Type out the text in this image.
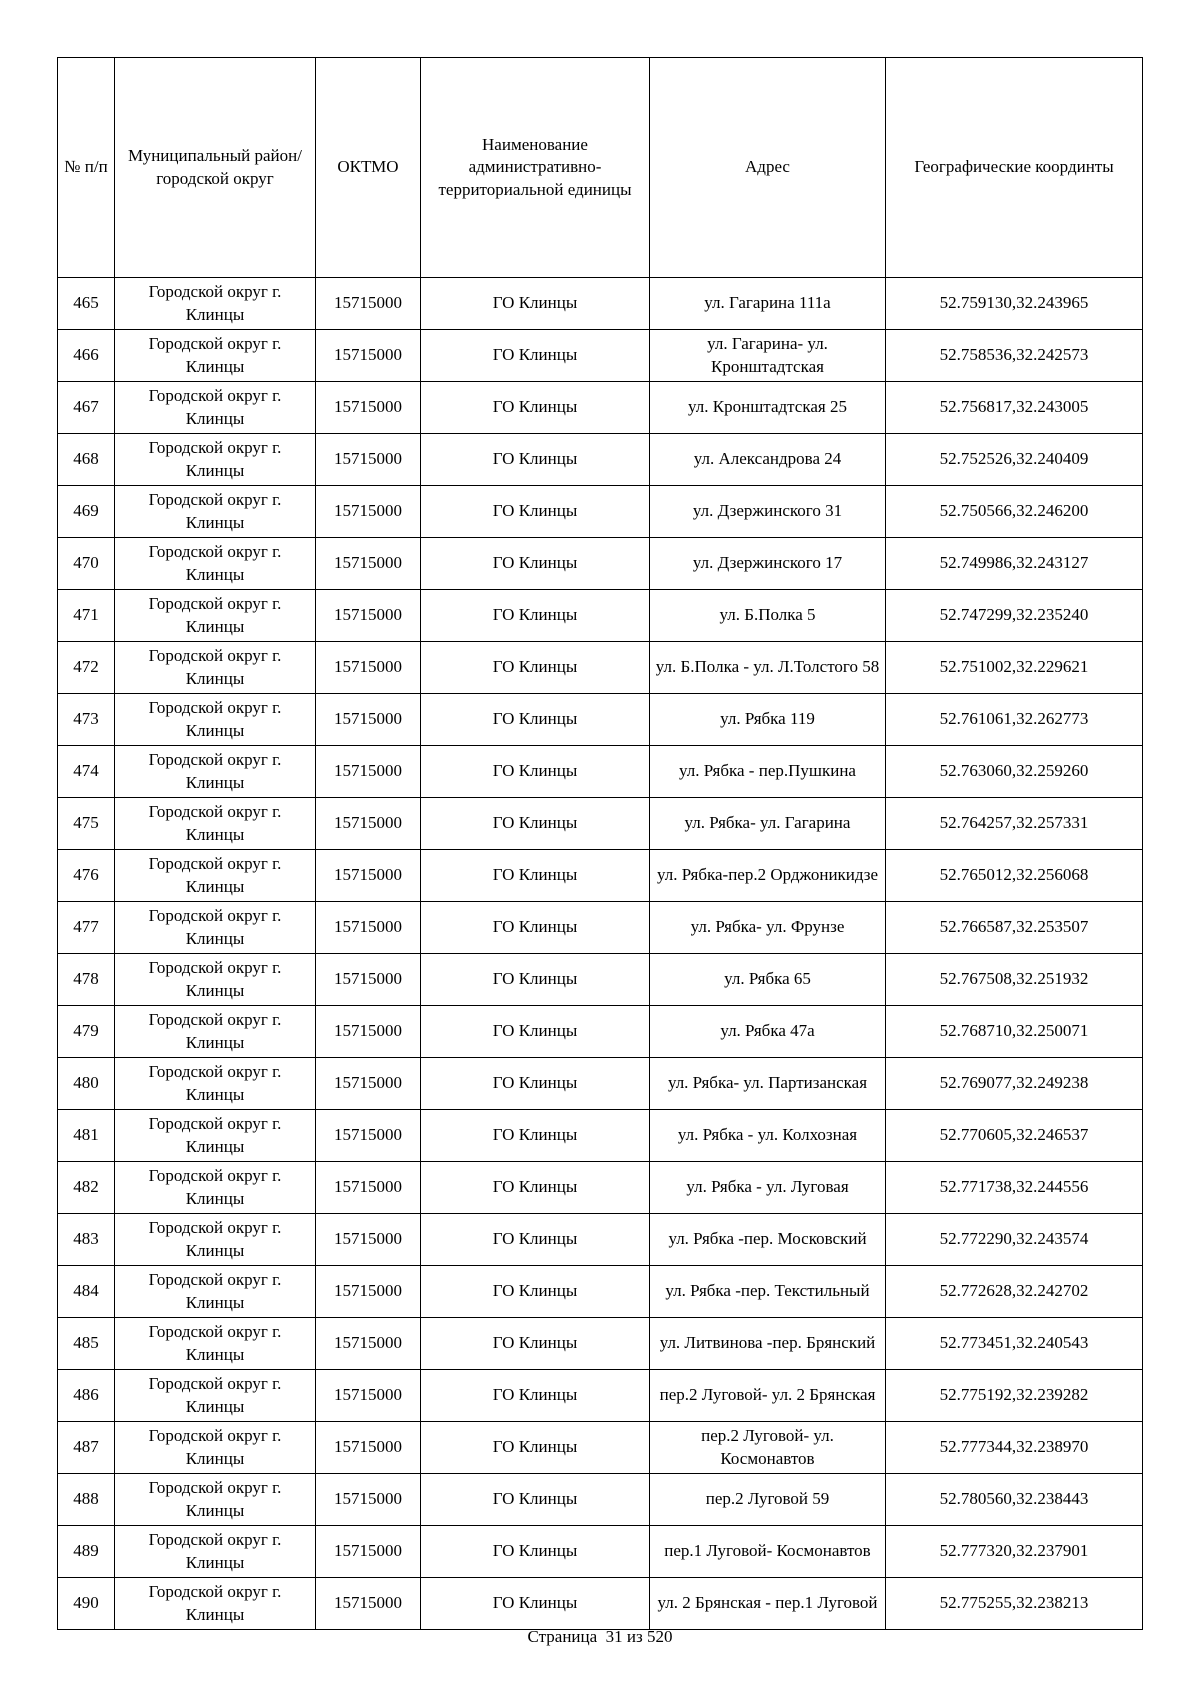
№ п/п	Муниципальный район/городской округ	ОКТМО	Наименование административно-территориальной единицы	Адрес	Географические координты
465	Городской округ г. Клинцы	15715000	ГО Клинцы	ул. Гагарина 111а	52.759130,32.243965
466	Городской округ г. Клинцы	15715000	ГО Клинцы	ул. Гагарина- ул. Кронштадтская	52.758536,32.242573
467	Городской округ г. Клинцы	15715000	ГО Клинцы	ул. Кронштадтская 25	52.756817,32.243005
468	Городской округ г. Клинцы	15715000	ГО Клинцы	ул. Александрова 24	52.752526,32.240409
469	Городской округ г. Клинцы	15715000	ГО Клинцы	ул. Дзержинского 31	52.750566,32.246200
470	Городской округ г. Клинцы	15715000	ГО Клинцы	ул. Дзержинского 17	52.749986,32.243127
471	Городской округ г. Клинцы	15715000	ГО Клинцы	ул. Б.Полка 5	52.747299,32.235240
472	Городской округ г. Клинцы	15715000	ГО Клинцы	ул. Б.Полка - ул. Л.Толстого 58	52.751002,32.229621
473	Городской округ г. Клинцы	15715000	ГО Клинцы	ул. Рябка 119	52.761061,32.262773
474	Городской округ г. Клинцы	15715000	ГО Клинцы	ул. Рябка - пер.Пушкина	52.763060,32.259260
475	Городской округ г. Клинцы	15715000	ГО Клинцы	ул. Рябка- ул. Гагарина	52.764257,32.257331
476	Городской округ г. Клинцы	15715000	ГО Клинцы	ул. Рябка-пер.2 Орджоникидзе	52.765012,32.256068
477	Городской округ г. Клинцы	15715000	ГО Клинцы	ул. Рябка- ул. Фрунзе	52.766587,32.253507
478	Городской округ г. Клинцы	15715000	ГО Клинцы	ул. Рябка 65	52.767508,32.251932
479	Городской округ г. Клинцы	15715000	ГО Клинцы	ул. Рябка 47а	52.768710,32.250071
480	Городской округ г. Клинцы	15715000	ГО Клинцы	ул. Рябка- ул. Партизанская	52.769077,32.249238
481	Городской округ г. Клинцы	15715000	ГО Клинцы	ул. Рябка - ул. Колхозная	52.770605,32.246537
482	Городской округ г. Клинцы	15715000	ГО Клинцы	ул. Рябка - ул. Луговая	52.771738,32.244556
483	Городской округ г. Клинцы	15715000	ГО Клинцы	ул. Рябка -пер. Московский	52.772290,32.243574
484	Городской округ г. Клинцы	15715000	ГО Клинцы	ул. Рябка -пер. Текстильный	52.772628,32.242702
485	Городской округ г. Клинцы	15715000	ГО Клинцы	ул. Литвинова -пер. Брянский	52.773451,32.240543
486	Городской округ г. Клинцы	15715000	ГО Клинцы	пер.2 Луговой- ул. 2 Брянская	52.775192,32.239282
487	Городской округ г. Клинцы	15715000	ГО Клинцы	пер.2 Луговой- ул. Космонавтов	52.777344,32.238970
488	Городской округ г. Клинцы	15715000	ГО Клинцы	пер.2 Луговой 59	52.780560,32.238443
489	Городской округ г. Клинцы	15715000	ГО Клинцы	пер.1 Луговой- Космонавтов	52.777320,32.237901
490	Городской округ г. Клинцы	15715000	ГО Клинцы	ул. 2 Брянская - пер.1 Луговой	52.775255,32.238213
Страница 31 из 520
